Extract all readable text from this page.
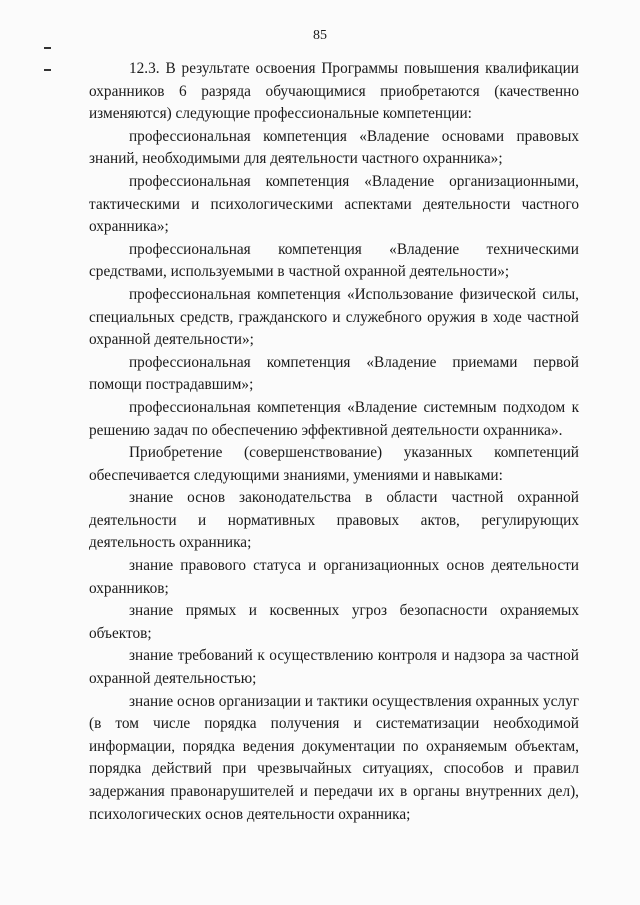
85

12.3. В результате освоения Программы повышения квалификации охранников 6 разряда обучающимися приобретаются (качественно изменяются) следующие профессиональные компетенции:

профессиональная компетенция «Владение основами правовых знаний, необходимыми для деятельности частного охранника»;

профессиональная компетенция «Владение организационными, тактическими и психологическими аспектами деятельности частного охранника»;

профессиональная компетенция «Владение техническими средствами, используемыми в частной охранной деятельности»;

профессиональная компетенция «Использование физической силы, специальных средств, гражданского и служебного оружия в ходе частной охранной деятельности»;

профессиональная компетенция «Владение приемами первой помощи пострадавшим»;

профессиональная компетенция «Владение системным подходом к решению задач по обеспечению эффективной деятельности охранника».

Приобретение (совершенствование) указанных компетенций обеспечивается следующими знаниями, умениями и навыками:

знание основ законодательства в области частной охранной деятельности и нормативных правовых актов, регулирующих деятельность охранника;

знание правового статуса и организационных основ деятельности охранников;

знание прямых и косвенных угроз безопасности охраняемых объектов;

знание требований к осуществлению контроля и надзора за частной охранной деятельностью;

знание основ организации и тактики осуществления охранных услуг (в том числе порядка получения и систематизации необходимой информации, порядка ведения документации по охраняемым объектам, порядка действий при чрезвычайных ситуациях, способов и правил задержания правонарушителей и передачи их в органы внутренних дел), психологических основ деятельности охранника;
